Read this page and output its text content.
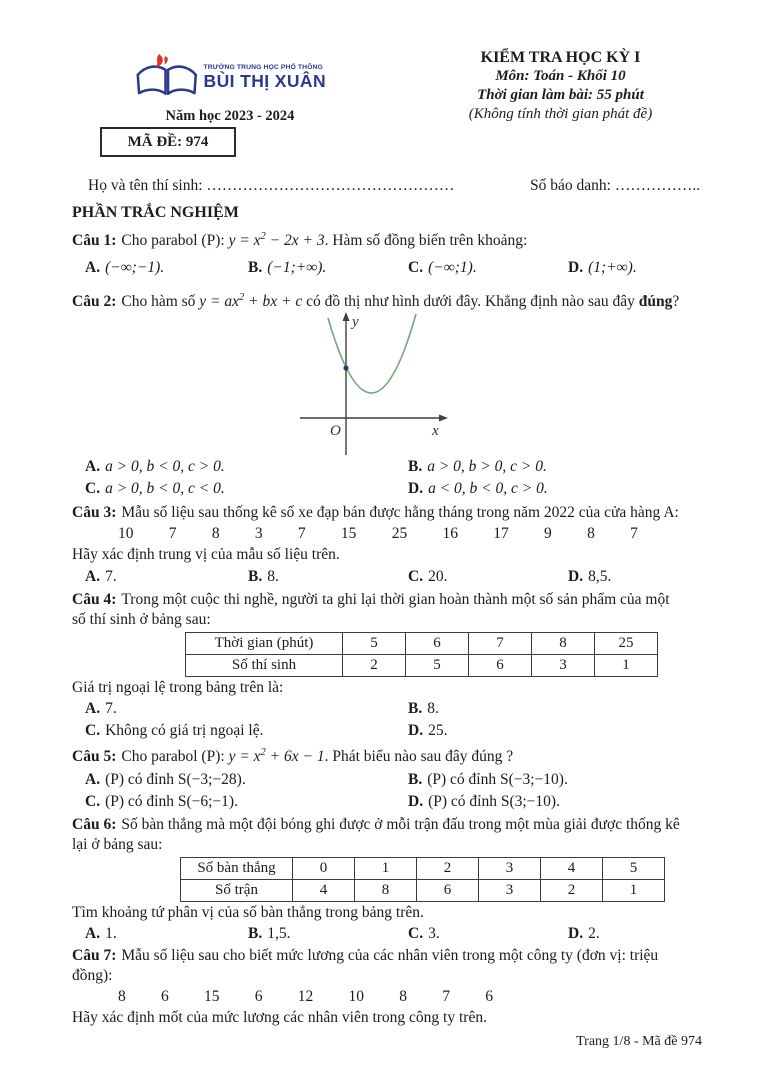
TRƯỜNG TRUNG HỌC PHỔ THÔNG
BÙI THỊ XUÂN
Năm học 2023 - 2024
KIỂM TRA HỌC KỲ I
Môn: Toán - Khối 10
Thời gian làm bài: 55 phút
(Không tính thời gian phát đề)
MÃ ĐỀ: 974
Họ và tên thí sinh: …………………………………………	Số báo danh: ……………..
PHẦN TRẮC NGHIỆM
Câu 1: Cho parabol (P): $y = x^2 - 2x + 3$. Hàm số đồng biến trên khoảng:
A. (−∞;−1).	B. (−1;+∞).	C. (−∞;1).	D. (1;+∞).
Câu 2: Cho hàm số $y = ax^2$ + bx + c có đồ thị như hình dưới đây. Khẳng định nào sau đây đúng?
y
x
O
A. a > 0, b < 0, c > 0.	B. a > 0, b > 0, c > 0.
C. a > 0, b < 0, c < 0.	D. a < 0, b < 0, c > 0.
Câu 3: Mẫu số liệu sau thống kê số xe đạp bán được hằng tháng trong năm 2022 của cửa hàng A:
10 7 8 3 7 15 25 16 17 9 8 7
Hãy xác định trung vị của mẫu số liệu trên.
A. 7.	B. 8.	C. 20.	D. 8,5.
Câu 4: Trong một cuộc thi nghề, người ta ghi lại thời gian hoàn thành một số sản phẩm của một
số thí sinh ở bảng sau:
Thời gian (phút)	5	6	7	8	25
Số thí sinh	2	5	6	3	1
Giá trị ngoại lệ trong bảng trên là:
A. 7.	B. 8.
C. Không có giá trị ngoại lệ.	D. 25.
Câu 5: Cho parabol (P): $y = x^2 + 6x - 1$. Phát biểu nào sau đây đúng ?
A. (P) có đỉnh S(−3;−28).	B. (P) có đỉnh S(−3;−10).
C. (P) có đỉnh S(−6;−1).	D. (P) có đỉnh S(3;−10).
Câu 6: Số bàn thắng mà một đội bóng ghi được ở mỗi trận đấu trong một mùa giải được thống kê
lại ở bảng sau:
Số bàn thắng	0	1	2	3	4	5
Số trận	4	8	6	3	2	1
Tìm khoảng tứ phân vị của số bàn thắng trong bảng trên.
A. 1.	B. 1,5.	C. 3.	D. 2.
Câu 7: Mẫu số liệu sau cho biết mức lương của các nhân viên trong một công ty (đơn vị: triệu
đồng):
8 6 15 6 12 10 8 7 6
Hãy xác định mốt của mức lương các nhân viên trong công ty trên.
Trang 1/8 - Mã đề 974
